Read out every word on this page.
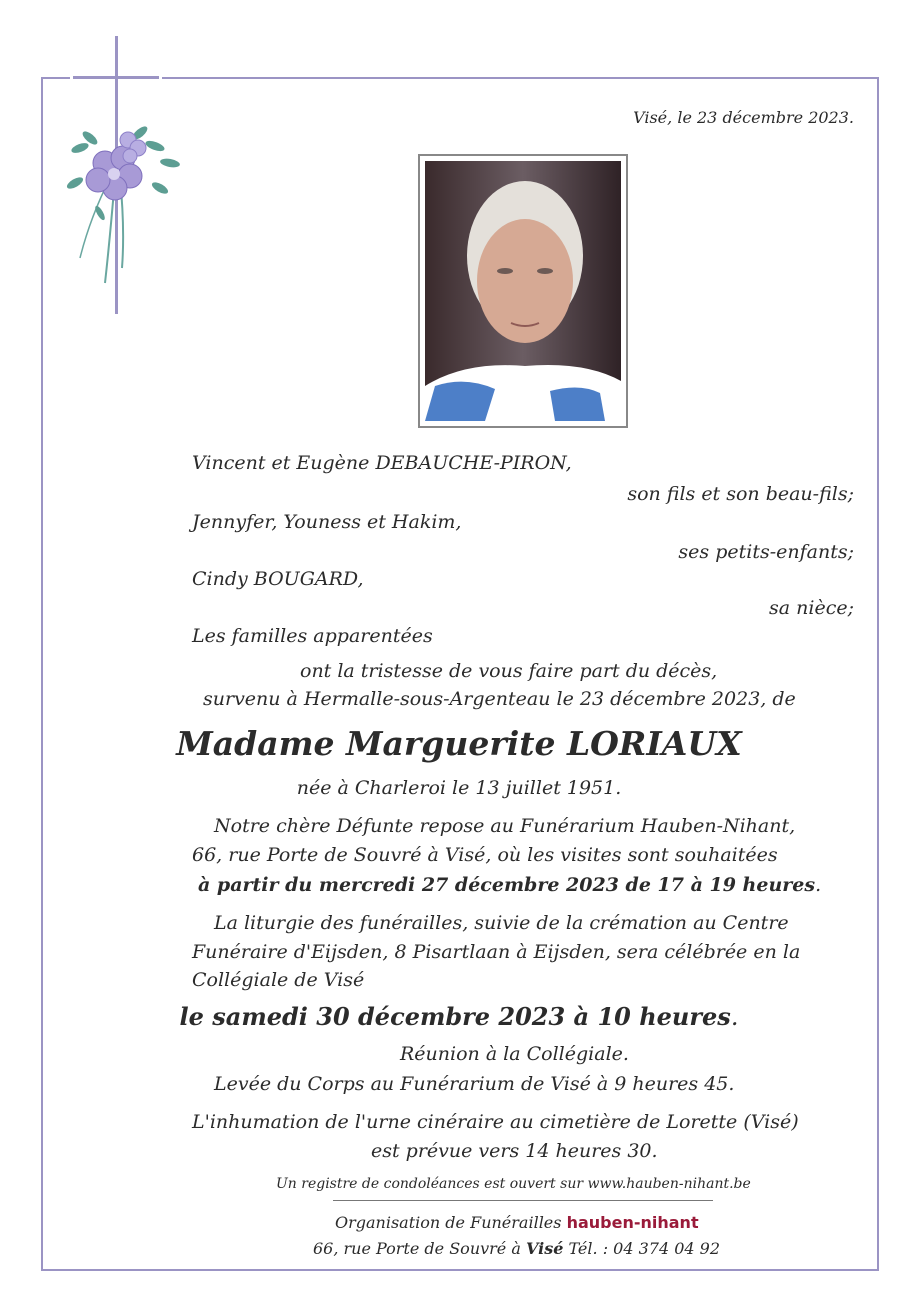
Visé, le 23 décembre 2023.
Vincent et Eugène DEBAUCHE-PIRON,
son fils et son beau-fils;
Jennyfer, Youness et Hakim,
ses petits-enfants;
Cindy BOUGARD,
sa nièce;
Les familles apparentées
ont la tristesse de vous faire part du décès,
survenu à Hermalle-sous-Argenteau le 23 décembre 2023, de
Madame Marguerite LORIAUX
née à Charleroi le 13 juillet 1951.
Notre chère Défunte repose au Funérarium Hauben-Nihant,
66, rue Porte de Souvré à Visé, où les visites sont souhaitées
à partir du mercredi 27 décembre 2023 de 17 à 19 heures.
La liturgie des funérailles, suivie de la crémation au Centre
Funéraire d'Eijsden, 8 Pisartlaan à Eijsden, sera célébrée en la
Collégiale de Visé
le samedi 30 décembre 2023 à 10 heures.
Réunion à la Collégiale.
Levée du Corps au Funérarium de Visé à 9 heures 45.
L'inhumation de l'urne cinéraire au cimetière de Lorette (Visé)
est prévue vers 14 heures 30.
Un registre de condoléances est ouvert sur www.hauben-nihant.be
Organisation de Funérailles hauben-nihant
66, rue Porte de Souvré à Visé Tél. : 04 374 04 92
